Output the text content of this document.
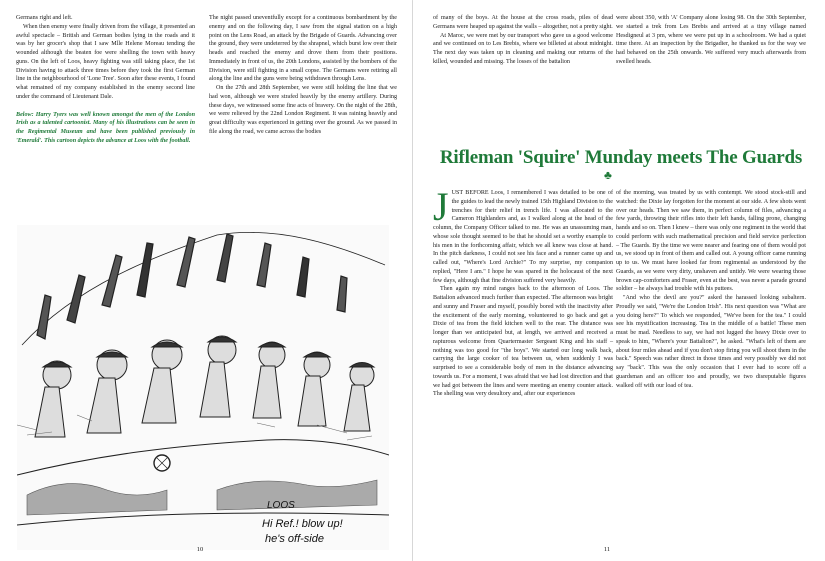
Germans right and left.

When then enemy were finally driven from the village, it presented an awful spectacle – British and German bodies lying in the roads and it was by her grocer's shop that I saw Mlle Helene Moreau tending the wounded although the beaten foe were shelling the town with heavy guns. On the left of Loos, heavy fighting was still taking place, the 1st Division having to attack three times before they took the first German line in the neighbourhood of 'Lone Tree'. Soon after these events, I found what remained of my company established in the enemy second line under the command of Lieutenant Dale.

Below: Harry Tyers was well known amongst the men of the London Irish as a talented cartoonist. Many of his illustrations can be seen in the Regimental Museum and have been published previously in 'Emerald'. This cartoon depicts the advance at Loos with the football.

The night passed uneventfully except for a continuous bombardment by the enemy and on the following day, I saw from the signal station on a high point on the Lens Road, an attack by the Brigade of Guards. Advancing over the ground, they were undeterred by the shrapnel, which burst low over their heads and reached the enemy and drove them from their positions. Immediately in front of us, the 20th Londons, assisted by the bombers of the Division, were still fighting in a small copse. The Germans were retiring all along the line and the guns were being withdrawn through Lens.

On the 27th and 28th September, we were still holding the line that we had won, although we were strafed heavily by the enemy artillery. During these days, we witnessed some fine acts of bravery. On the night of the 28th, we were relieved by the 22nd London Regiment. It was raining heavily and great difficulty was experienced in getting over the ground. As we passed in file along the road, we came across the bodies

LOOS
Hi Ref.! blow up!
he's off-side
10

of many of the boys. At the house at the cross roads, piles of dead Germans were heaped up against the walls – altogether, not a pretty sight.

At Maroc, we were met by our transport who gave us a good welcome and we continued on to Les Brebis, where we billeted at about midnight. The next day was taken up in cleaning and making our returns of the killed, wounded and missing. The losses of the battalion

were about 350, with 'A' Company alone losing 98. On the 30th September, we started a trek from Les Brebis and arrived at a tiny village named Hesdigneul at 3 pm, where we were put up in a schoolroom. We had a quiet time there. At an inspection by the Brigadier, he thanked us for the way we had behaved on the 25th onwards. We suffered very much afterwards from swelled heads.

JUST BEFORE Loos, I remembered I was detailed to be one of the guides to lead the newly trained 15th Highland Division to the trenches for their relief in trench life. I was allocated to the Cameron Highlanders and, as I walked along at the head of the column, the Company Officer talked to me. He was an unassuming man, whose sole thought seemed to be that he should set a worthy example to his men in the forthcoming affair, which we all knew was close at hand. In the pitch darkness, I could not see his face and a runner came up and called out, "Where's Lord Archie?" To my surprise, my companion replied, "Here I am." I hope he was spared in the holocaust of the next few days, although that fine division suffered very heavily.

Then again my mind ranges back to the afternoon of Loos. The Battalion advanced much further than expected. The afternoon was bright and sunny and Fraser and myself, possibly bored with the inactivity after the excitement of the early morning, volunteered to go back and get a Dixie of tea from the field kitchen well to the rear. The distance was longer than we anticipated but, at length, we arrived and received a rapturous welcome from Quartermaster Sergeant King and his staff – nothing was too good for "the boys". We started our long walk back, carrying the large cooker of tea between us, when suddenly I was surprised to see a considerable body of men in the distance advancing towards us. For a moment, I was afraid that we had lost direction and that we had got between the lines and were meeting an enemy counter attack. The shelling was very desultory and, after our experiences

of the morning, was treated by us with contempt. We stood stock-still and watched: the Dixie lay forgotten for the moment at our side. A few shots went over our heads. Then we saw them, in perfect column of files, advancing a few yards, throwing their rifles into their left hands, falling prone, changing hands and so on. Then I knew – there was only one regiment in the world that could perform with such mathematical precision and field service perfection – The Guards. By the time we were nearer and fearing one of them would pot us, we stood up in front of them and called out. A young officer came running up to us. We must have looked far from regimental as understood by the Guards, as we were very dirty, unshaven and untidy. We were wearing those brown cap-comforters and Fraser, even at the best, was never a parade ground soldier – he always had trouble with his puttees.

"And who the devil are you?" asked the harassed looking subaltern. Proudly we said, "We're the London Irish". His next question was "What are you doing here?" To which we responded, "We've been for the tea." I could see his mystification increasing. Tea in the middle of a battle! These men must be mad. Needless to say, we had not lugged the heavy Dixie over to speak to him, "Where's your Battalion?", he asked. "What's left of them are about four miles ahead and if you don't stop firing you will shoot them in the back." Speech was rather direct in those times and very possibly we did not say "back". This was the only occasion that I ever had to score off a guardsman and an officer too and proudly, we two disreputable figures walked off with our load of tea.

11
Rifleman 'Squire' Munday meets The Guards
♣
